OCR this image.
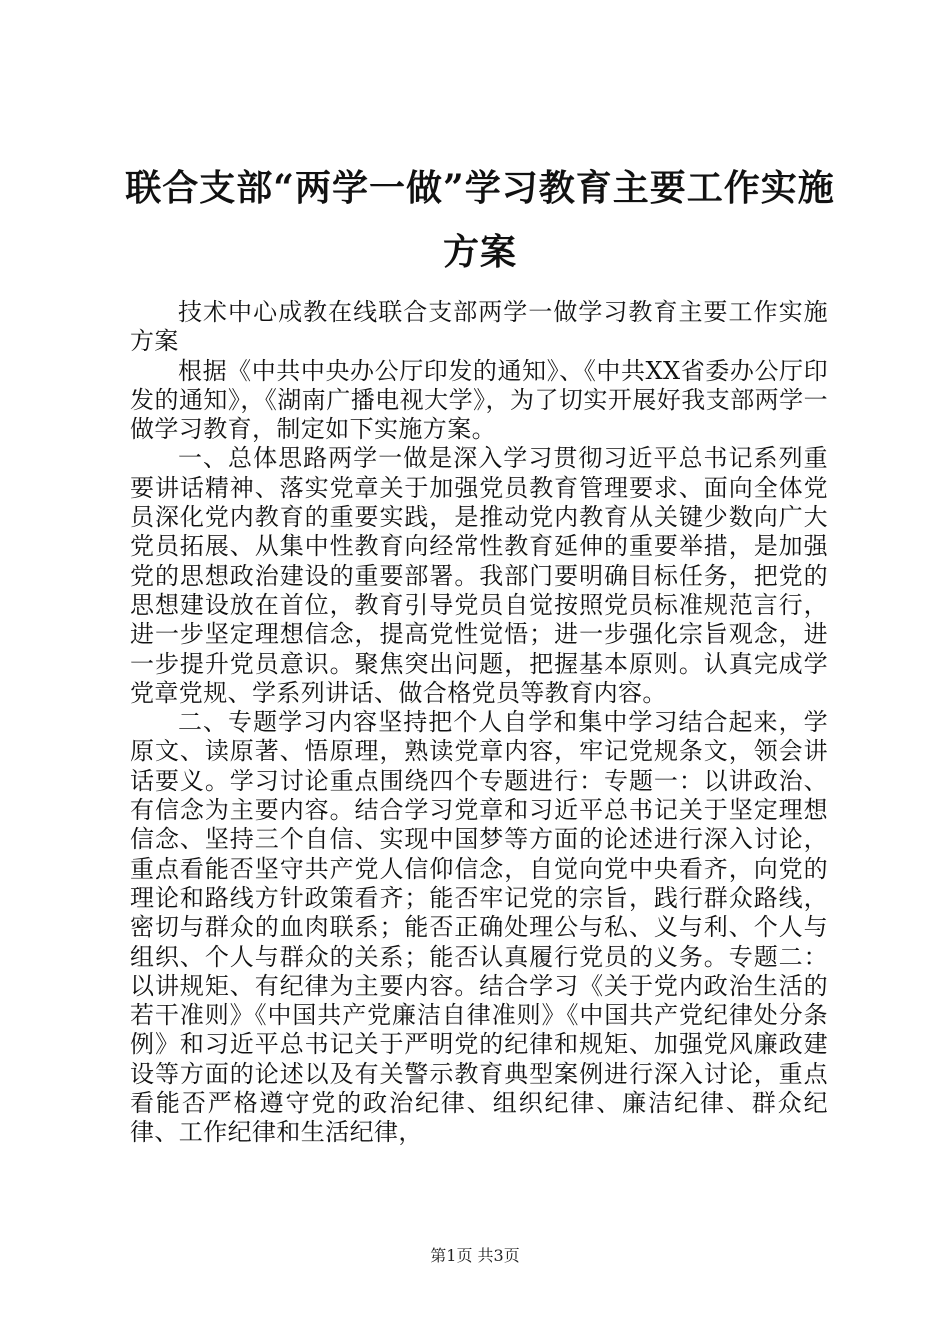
联合支部“两学一做”学习教育主要工作实施方案

技术中心成教在线联合支部两学一做学习教育主要工作实施方案

根据《中共中央办公厅印发的通知》、《中共XX省委办公厅印发的通知》，《湖南广播电视大学》，为了切实开展好我支部两学一做学习教育，制定如下实施方案。

一、总体思路两学一做是深入学习贯彻习近平总书记系列重要讲话精神、落实党章关于加强党员教育管理要求、面向全体党员深化党内教育的重要实践，是推动党内教育从关键少数向广大党员拓展、从集中性教育向经常性教育延伸的重要举措，是加强党的思想政治建设的重要部署。我部门要明确目标任务，把党的思想建设放在首位，教育引导党员自觉按照党员标准规范言行，进一步坚定理想信念，提高党性觉悟；进一步强化宗旨观念，进一步提升党员意识。聚焦突出问题，把握基本原则。认真完成学党章党规、学系列讲话、做合格党员等教育内容。

二、专题学习内容坚持把个人自学和集中学习结合起来，学原文、读原著、悟原理，熟读党章内容，牢记党规条文，领会讲话要义。学习讨论重点围绕四个专题进行：专题一：以讲政治、有信念为主要内容。结合学习党章和习近平总书记关于坚定理想信念、坚持三个自信、实现中国梦等方面的论述进行深入讨论，重点看能否坚守共产党人信仰信念，自觉向党中央看齐，向党的理论和路线方针政策看齐；能否牢记党的宗旨，践行群众路线，密切与群众的血肉联系；能否正确处理公与私、义与利、个人与组织、个人与群众的关系；能否认真履行党员的义务。专题二：以讲规矩、有纪律为主要内容。结合学习《关于党内政治生活的若干准则》《中国共产党廉洁自律准则》《中国共产党纪律处分条例》和习近平总书记关于严明党的纪律和规矩、加强党风廉政建设等方面的论述以及有关警示教育典型案例进行深入讨论，重点看能否严格遵守党的政治纪律、组织纪律、廉洁纪律、群众纪律、工作纪律和生活纪律，

第1页 共3页
